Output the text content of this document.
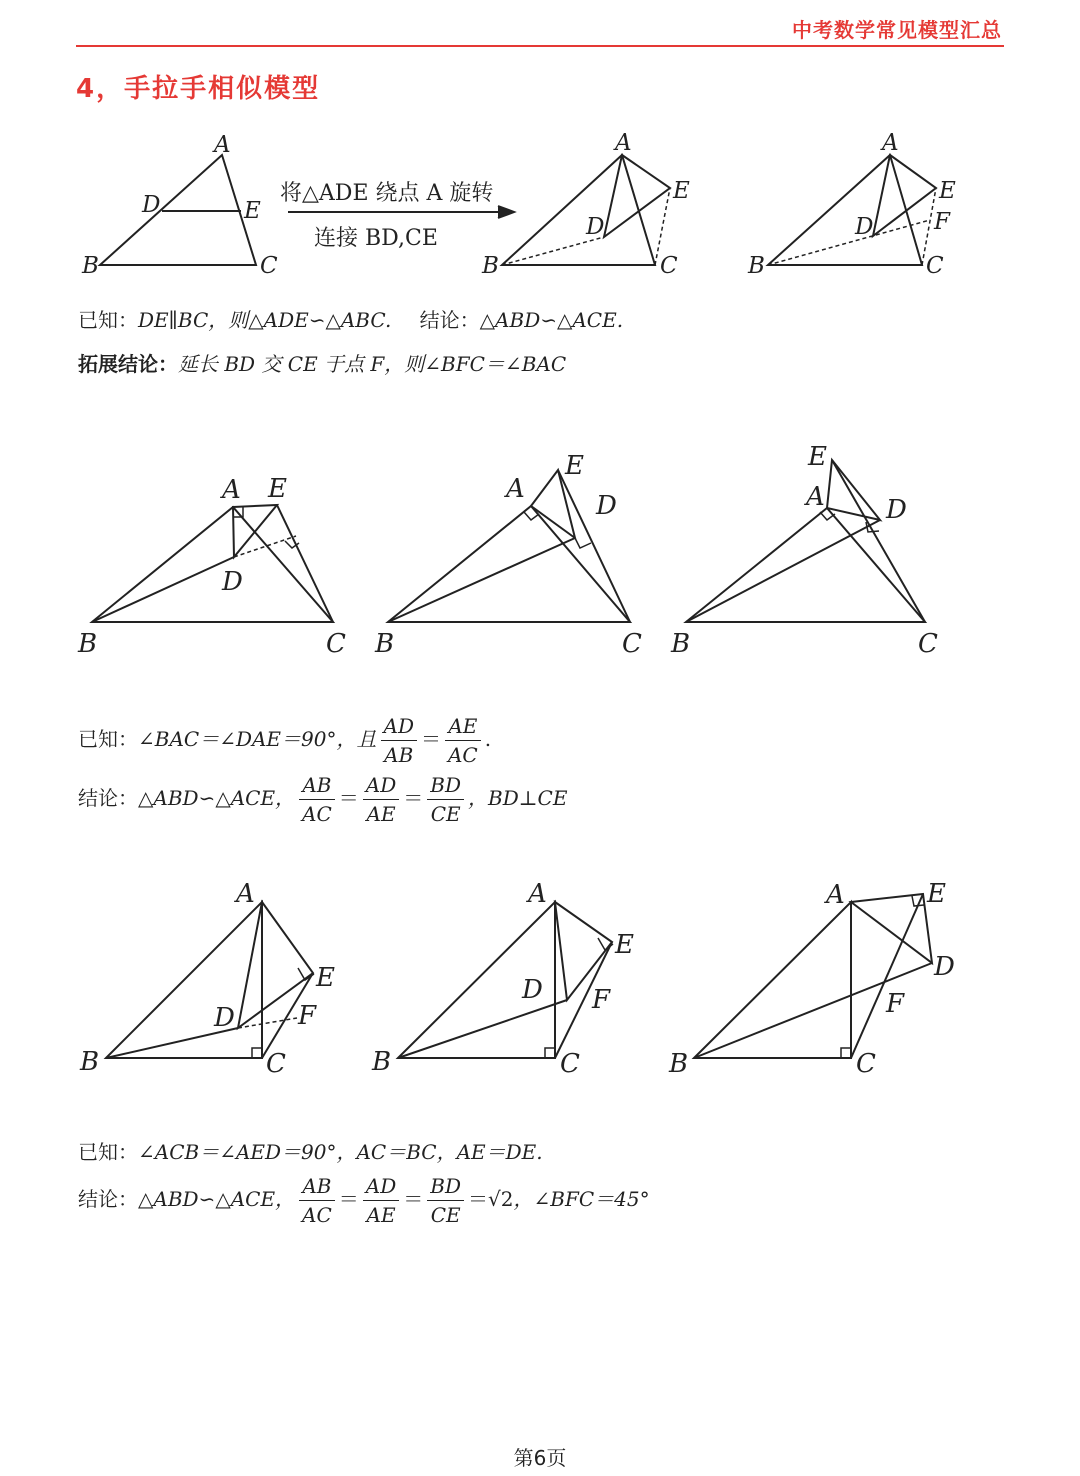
中考数学常见模型汇总
4，手拉手相似模型
A
D	E
B	C
A
E
D
B	C
A
E
F
D
B	C
将△ADE 绕点 A 旋转
连接 BD,CE
A E
D
B	C
A
E
D
B	C
E
A D
B	C
A
E
D F
B	C
A
E
D F
B	C
A	E
D
F
B	C
已知：DE∥BC，则△ADE∽△ABC. 结论：△ABD∽△ACE.
拓展结论：延长 BD 交 CE 于点 F，则∠BFC＝∠BAC
已知：∠BAC＝∠DAE＝90°，且 $\frac{AD}{AB} = \frac{AE}{AC}$ .
结论：△ABD∽△ACE， $\frac{AB}{AC} = \frac{AD}{AE} = \frac{BD}{CE}$ ，BD⊥CE
已知：∠ACB＝∠AED＝90°，AC＝BC，AE＝DE.
结论：△ABD∽△ACE， $\frac{AB}{AC} = \frac{AD}{AE} = \frac{BD}{CE} =√2$，∠BFC＝45°
第6页
